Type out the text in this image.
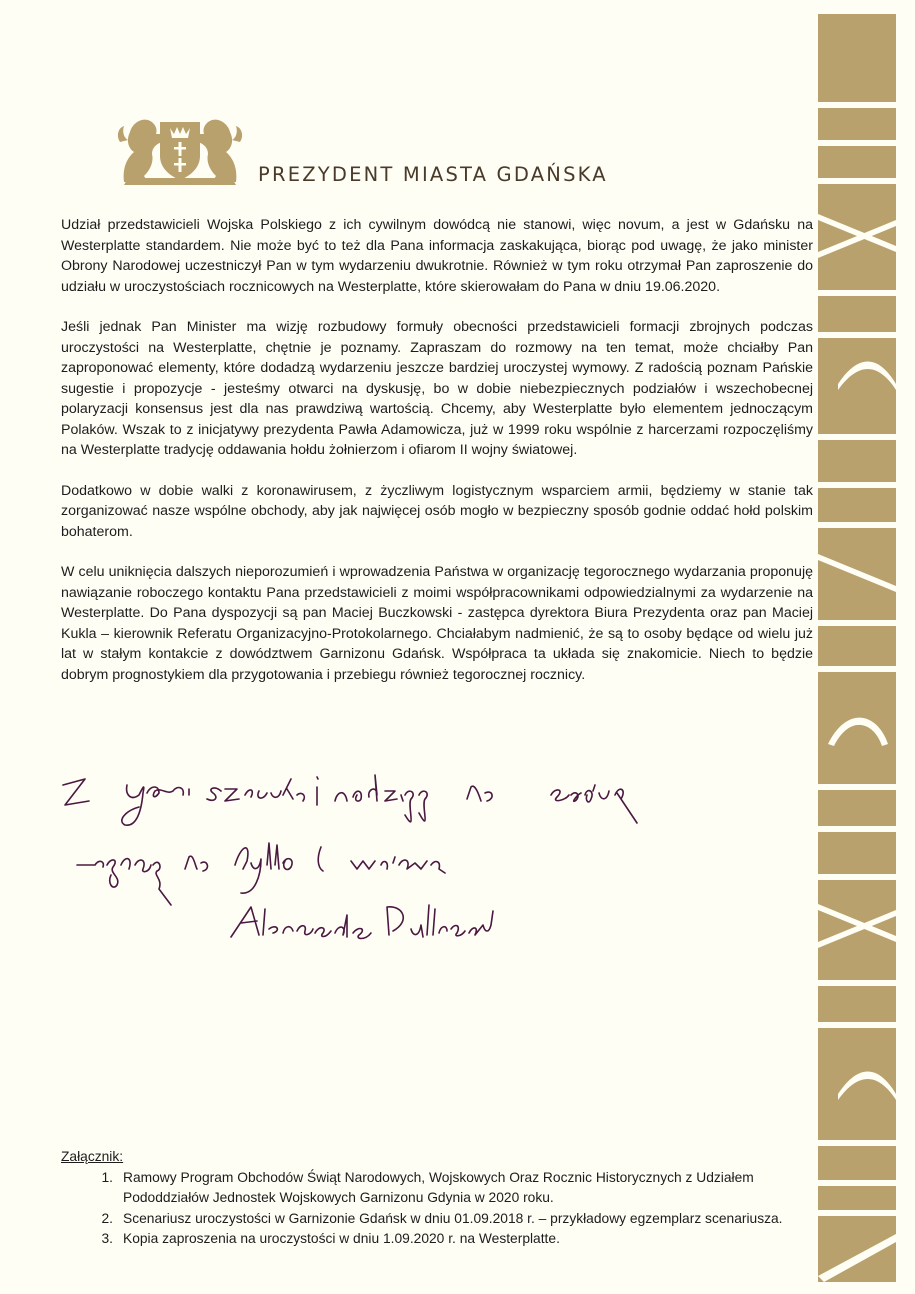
PREZYDENT MIASTA GDAŃSKA

Udział przedstawicieli Wojska Polskiego z ich cywilnym dowódcą nie stanowi, więc novum, a jest w Gdańsku na Westerplatte standardem. Nie może być to też dla Pana informacja zaskakująca, biorąc pod uwagę, że jako minister Obrony Narodowej uczestniczył Pan w tym wydarzeniu dwukrotnie. Również w tym roku otrzymał Pan zaproszenie do udziału w uroczystościach rocznicowych na Westerplatte, które skierowałam do Pana w dniu 19.06.2020.

Jeśli jednak Pan Minister ma wizję rozbudowy formuły obecności przedstawicieli formacji zbrojnych podczas uroczystości na Westerplatte, chętnie je poznamy. Zapraszam do rozmowy na ten temat, może chciałby Pan zaproponować elementy, które dodadzą wydarzeniu jeszcze bardziej uroczystej wymowy. Z radością poznam Pańskie sugestie i propozycje - jesteśmy otwarci na dyskusję, bo w dobie niebezpiecznych podziałów i wszechobecnej polaryzacji konsensus jest dla nas prawdziwą wartością. Chcemy, aby Westerplatte było elementem jednoczącym Polaków. Wszak to z inicjatywy prezydenta Pawła Adamowicza, już w 1999 roku wspólnie z harcerzami rozpoczęliśmy na Westerplatte tradycję oddawania hołdu żołnierzom i ofiarom II wojny światowej.

Dodatkowo w dobie walki z koronawirusem, z życzliwym logistycznym wsparciem armii, będziemy w stanie tak zorganizować nasze wspólne obchody, aby jak najwięcej osób mogło w bezpieczny sposób godnie oddać hołd polskim bohaterom.

W celu uniknięcia dalszych nieporozumień i wprowadzenia Państwa w organizację tegorocznego wydarzania proponuję nawiązanie roboczego kontaktu Pana przedstawicieli z moimi współpracownikami odpowiedzialnymi za wydarzenie na Westerplatte. Do Pana dyspozycji są pan Maciej Buczkowski - zastępca dyrektora Biura Prezydenta oraz pan Maciej Kukla – kierownik Referatu Organizacyjno-Protokolarnego. Chciałabym nadmienić, że są to osoby będące od wielu już lat w stałym kontakcie z dowództwem Garnizonu Gdańsk. Współpraca ta układa się znakomicie. Niech to będzie dobrym prognostykiem dla przygotowania i przebiegu również tegorocznej rocznicy.

Załącznik:
1. Ramowy Program Obchodów Świąt Narodowych, Wojskowych Oraz Rocznic Historycznych z Udziałem Pododdziałów Jednostek Wojskowych Garnizonu Gdynia w 2020 roku.
2. Scenariusz uroczystości w Garnizonie Gdańsk w dniu 01.09.2018 r. – przykładowy egzemplarz scenariusza.
3. Kopia zaproszenia na uroczystości w dniu 1.09.2020 r. na Westerplatte.
